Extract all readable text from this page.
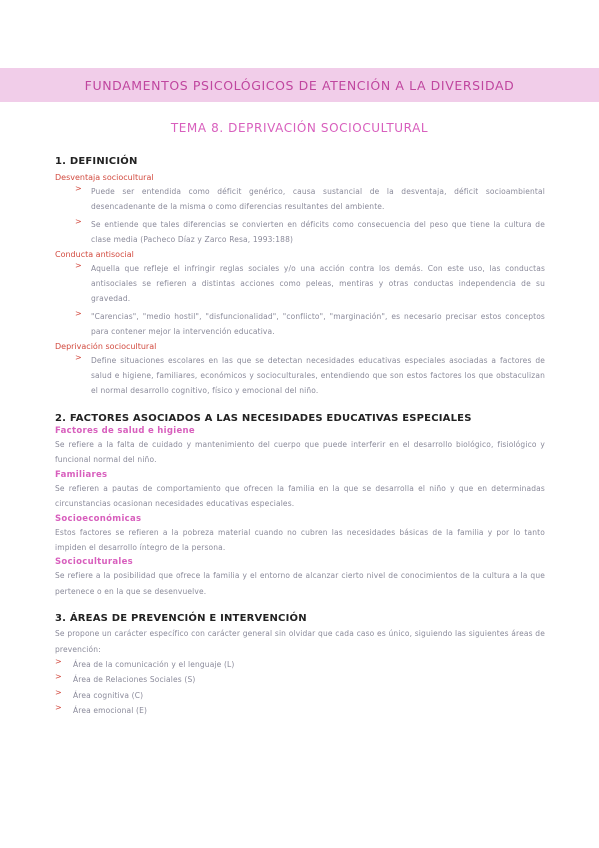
FUNDAMENTOS PSICOLÓGICOS DE ATENCIÓN A LA DIVERSIDAD
TEMA 8. DEPRIVACIÓN SOCIOCULTURAL
1. DEFINICIÓN
Desventaja sociocultural
> Puede ser entendida como déficit genérico, causa sustancial de la desventaja, déficit socioambiental desencadenante de la misma o como diferencias resultantes del ambiente.
> Se entiende que tales diferencias se convierten en déficits como consecuencia del peso que tiene la cultura de clase media (Pacheco Díaz y Zarco Resa, 1993:188)
Conducta antisocial
> Aquella que refleje el infringir reglas sociales y/o una acción contra los demás. Con este uso, las conductas antisociales se refieren a distintas acciones como peleas, mentiras y otras conductas independencia de su gravedad.
> "Carencias", "medio hostil", "disfuncionalidad", "conflicto", "marginación", es necesario precisar estos conceptos para contener mejor la intervención educativa.
Deprivación sociocultural
> Define situaciones escolares en las que se detectan necesidades educativas especiales asociadas a factores de salud e higiene, familiares, económicos y socioculturales, entendiendo que son estos factores los que obstaculizan el normal desarrollo cognitivo, físico y emocional del niño.
2. FACTORES ASOCIADOS A LAS NECESIDADES EDUCATIVAS ESPECIALES
Factores de salud e higiene

Se refiere a la falta de cuidado y mantenimiento del cuerpo que puede interferir en el desarrollo biológico, fisiológico y funcional normal del niño.

Familiares

Se refieren a pautas de comportamiento que ofrecen la familia en la que se desarrolla el niño y que en determinadas circunstancias ocasionan necesidades educativas especiales.

Socioeconómicas

Estos factores se refieren a la pobreza material cuando no cubren las necesidades básicas de la familia y por lo tanto impiden el desarrollo íntegro de la persona.

Socioculturales

Se refiere a la posibilidad que ofrece la familia y el entorno de alcanzar cierto nivel de conocimientos de la cultura a la que pertenece o en la que se desenvuelve.

3. ÁREAS DE PREVENCIÓN E INTERVENCIÓN

Se propone un carácter específico con carácter general sin olvidar que cada caso es único, siguiendo las siguientes áreas de prevención:

> Área de la comunicación y el lenguaje (L)
> Área de Relaciones Sociales (S)
> Área cognitiva (C)
> Área emocional (E)
